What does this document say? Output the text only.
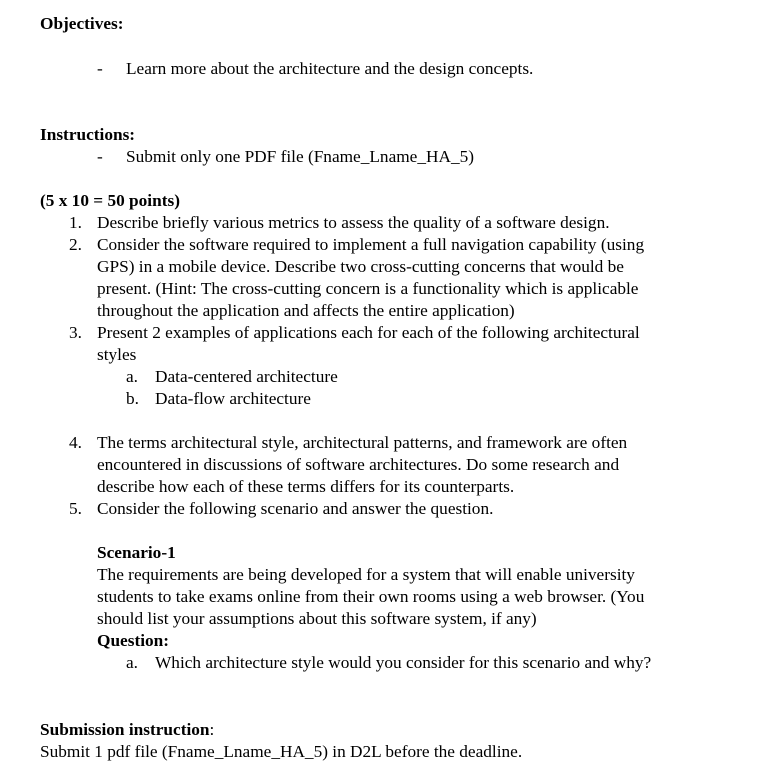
Objectives:
- Learn more about the architecture and the design concepts.
Instructions:
- Submit only one PDF file (Fname_Lname_HA_5)
(5 x 10 = 50 points)
1. Describe briefly various metrics to assess the quality of a software design.
2. Consider the software required to implement a full navigation capability (using
GPS) in a mobile device. Describe two cross-cutting concerns that would be
present. (Hint: The cross-cutting concern is a functionality which is applicable
throughout the application and affects the entire application)
3. Present 2 examples of applications each for each of the following architectural
styles
a. Data-centered architecture
b. Data-flow architecture
4. The terms architectural style, architectural patterns, and framework are often
encountered in discussions of software architectures. Do some research and
describe how each of these terms differs for its counterparts.
5. Consider the following scenario and answer the question.
Scenario-1
The requirements are being developed for a system that will enable university
students to take exams online from their own rooms using a web browser. (You
should list your assumptions about this software system, if any)
Question:
a. Which architecture style would you consider for this scenario and why?
Submission instruction:
Submit 1 pdf file (Fname_Lname_HA_5) in D2L before the deadline.
